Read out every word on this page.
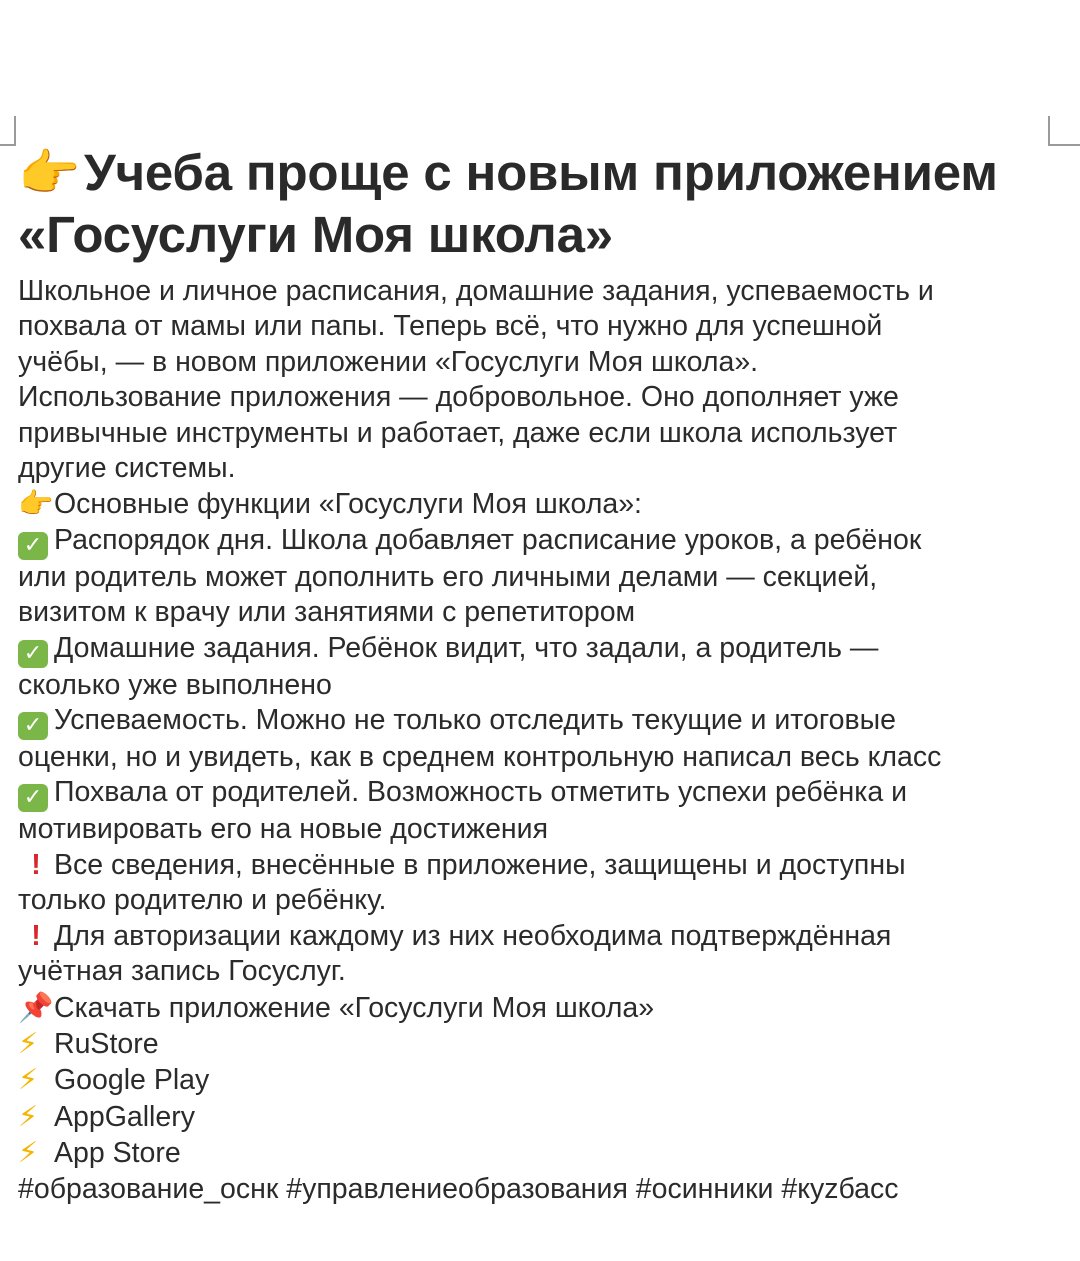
👉Учеба проще с новым приложением
«Госуслуги Моя школа»
Школьное и личное расписания, домашние задания, успеваемость и
похвала от мамы или папы. Теперь всё, что нужно для успешной
учёбы, — в новом приложении «Госуслуги Моя школа».
Использование приложения — добровольное. Оно дополняет уже
привычные инструменты и работает, даже если школа использует
другие системы.
👉Основные функции «Госуслуги Моя школа»:
✓ Распорядок дня. Школа добавляет расписание уроков, а ребёнок
или родитель может дополнить его личными делами — секцией,
визитом к врачу или занятиями с репетитором
✓ Домашние задания. Ребёнок видит, что задали, а родитель —
сколько уже выполнено
✓ Успеваемость. Можно не только отследить текущие и итоговые
оценки, но и увидеть, как в среднем контрольную написал весь класс
✓ Похвала от родителей. Возможность отметить успехи ребёнка и
мотивировать его на новые достижения
! Все сведения, внесённые в приложение, защищены и доступны
только родителю и ребёнку.
! Для авторизации каждому из них необходима подтверждённая
учётная запись Госуслуг.
📌Скачать приложение «Госуслуги Моя школа»
⚡ RuStore
⚡ Google Play
⚡ AppGallery
⚡ App Store
#образование_оснк #управлениеобразования #осинники #куzбасс
